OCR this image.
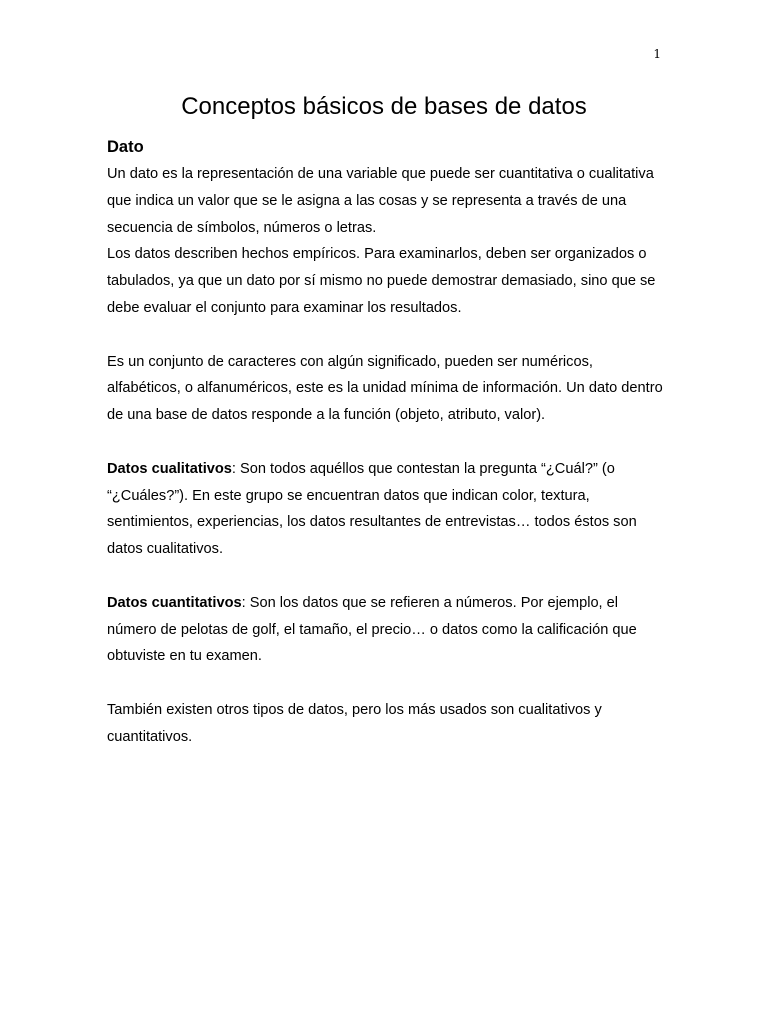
1
Conceptos básicos de bases de datos
Dato

Un dato es la representación de una variable que puede ser cuantitativa o cualitativa que indica un valor que se le asigna a las cosas y se representa a través de una secuencia de símbolos, números o letras.

Los datos describen hechos empíricos. Para examinarlos, deben ser organizados o tabulados, ya que un dato por sí mismo no puede demostrar demasiado, sino que se debe evaluar el conjunto para examinar los resultados.

Es un conjunto de caracteres con algún significado, pueden ser numéricos, alfabéticos, o alfanuméricos, este es la unidad mínima de información. Un dato dentro de una base de datos responde a la función (objeto, atributo, valor).

Datos cualitativos: Son todos aquéllos que contestan la pregunta “¿Cuál?” (o “¿Cuáles?”). En este grupo se encuentran datos que indican color, textura, sentimientos, experiencias, los datos resultantes de entrevistas… todos éstos son datos cualitativos.

Datos cuantitativos: Son los datos que se refieren a números. Por ejemplo, el número de pelotas de golf, el tamaño, el precio… o datos como la calificación que obtuviste en tu examen.

También existen otros tipos de datos, pero los más usados son cualitativos y cuantitativos.
